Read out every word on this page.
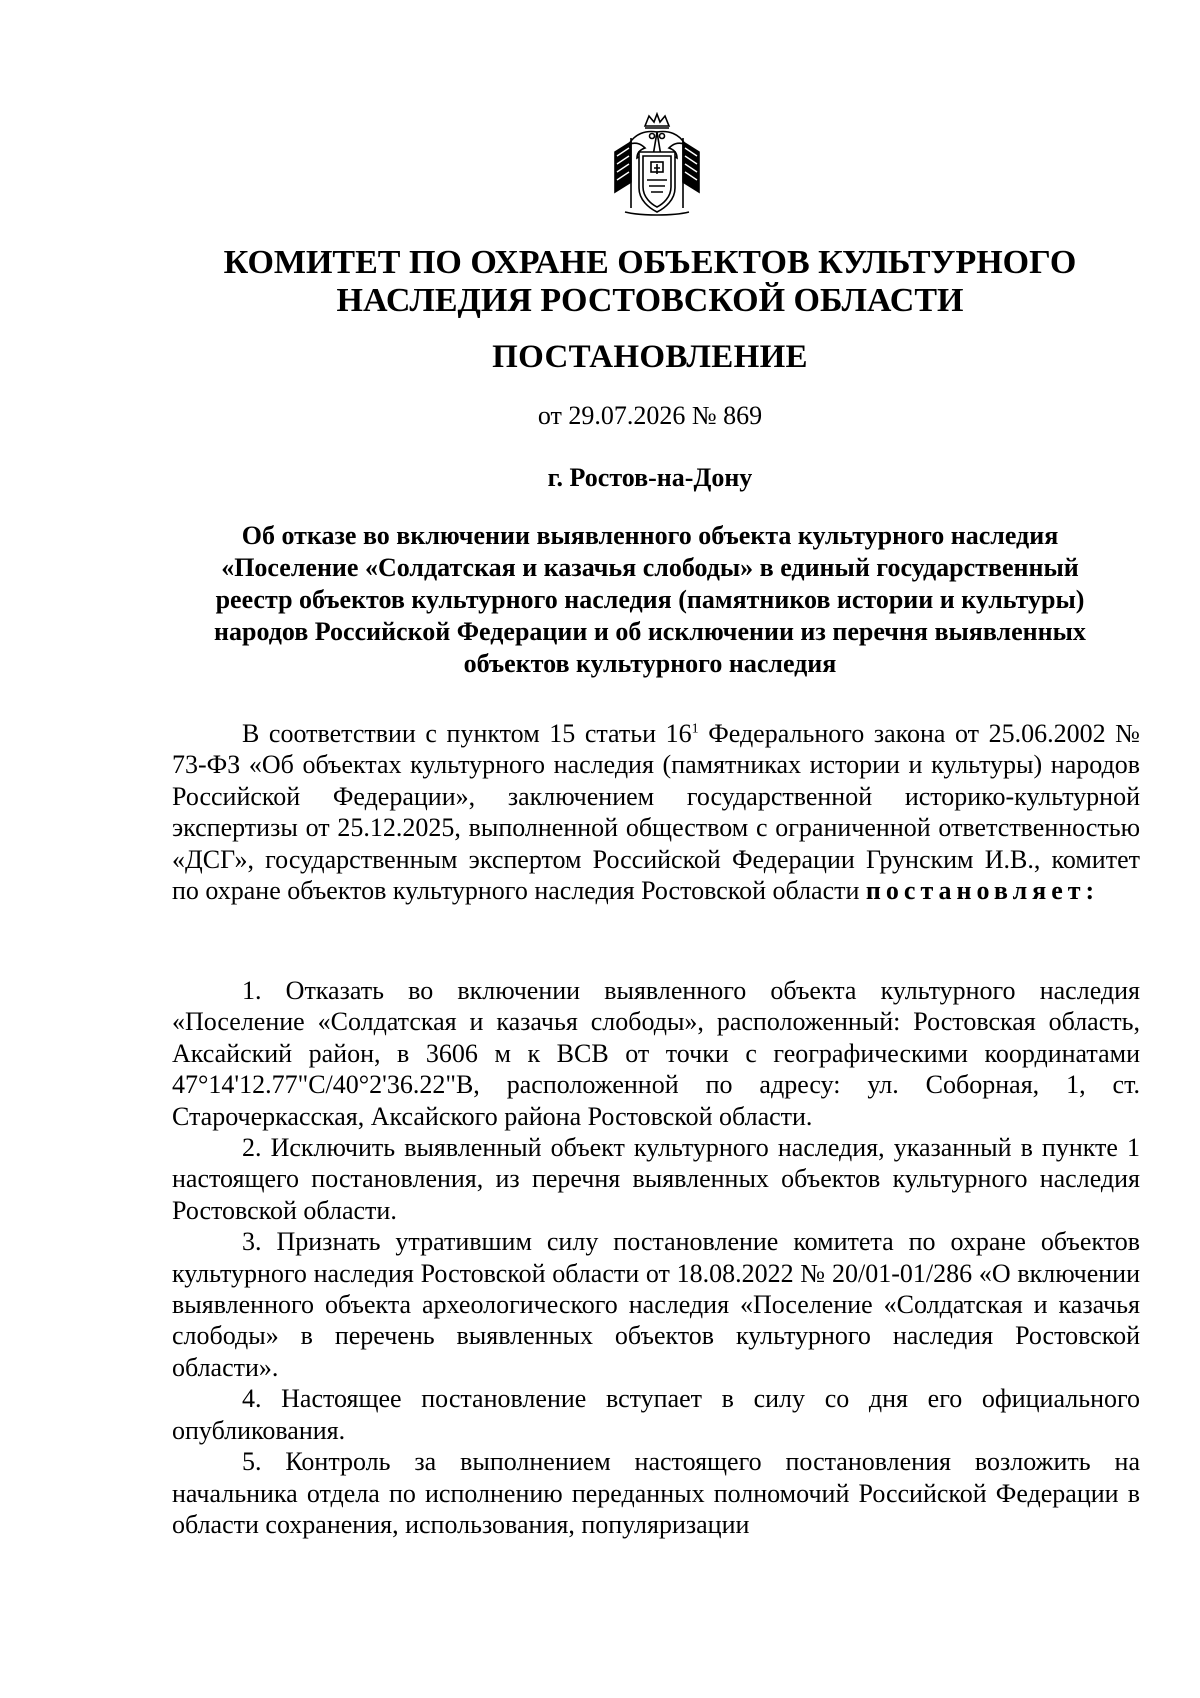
КОМИТЕТ ПО ОХРАНЕ ОБЪЕКТОВ КУЛЬТУРНОГО
НАСЛЕДИЯ РОСТОВСКОЙ ОБЛАСТИ
ПОСТАНОВЛЕНИЕ
от 29.07.2026 № 869
г. Ростов-на-Дону
Об отказе во включении выявленного объекта культурного наследия
«Поселение «Солдатская и казачья слободы» в единый государственный
реестр объектов культурного наследия (памятников истории и культуры)
народов Российской Федерации и об исключении из перечня выявленных
объектов культурного наследия

В соответствии с пунктом 15 статьи $16^1$ Федерального закона от 25.06.2002 № 73-ФЗ «Об объектах культурного наследия (памятниках истории и культуры) народов Российской Федерации», заключением государственной историко-культурной экспертизы от 25.12.2025, выполненной обществом с ограниченной ответственностью «ДСГ», государственным экспертом Российской Федерации Грунским И.В., комитет по охране объектов культурного наследия Ростовской области постановляет:

1. Отказать во включении выявленного объекта культурного наследия «Поселение «Солдатская и казачья слободы», расположенный: Ростовская область, Аксайский район, в 3606 м к ВСВ от точки с географическими координатами 47°14'12.77"С/40°2'36.22"В, расположенной по адресу: ул. Соборная, 1, ст. Старочеркасская, Аксайского района Ростовской области.

2. Исключить выявленный объект культурного наследия, указанный в пункте 1 настоящего постановления, из перечня выявленных объектов культурного наследия Ростовской области.

3. Признать утратившим силу постановление комитета по охране объектов культурного наследия Ростовской области от 18.08.2022 № 20/01-01/286 «О включении выявленного объекта археологического наследия «Поселение «Солдатская и казачья слободы» в перечень выявленных объектов культурного наследия Ростовской области».

4. Настоящее постановление вступает в силу со дня его официального опубликования.

5. Контроль за выполнением настоящего постановления возложить на начальника отдела по исполнению переданных полномочий Российской Федерации в области сохранения, использования, популяризации
